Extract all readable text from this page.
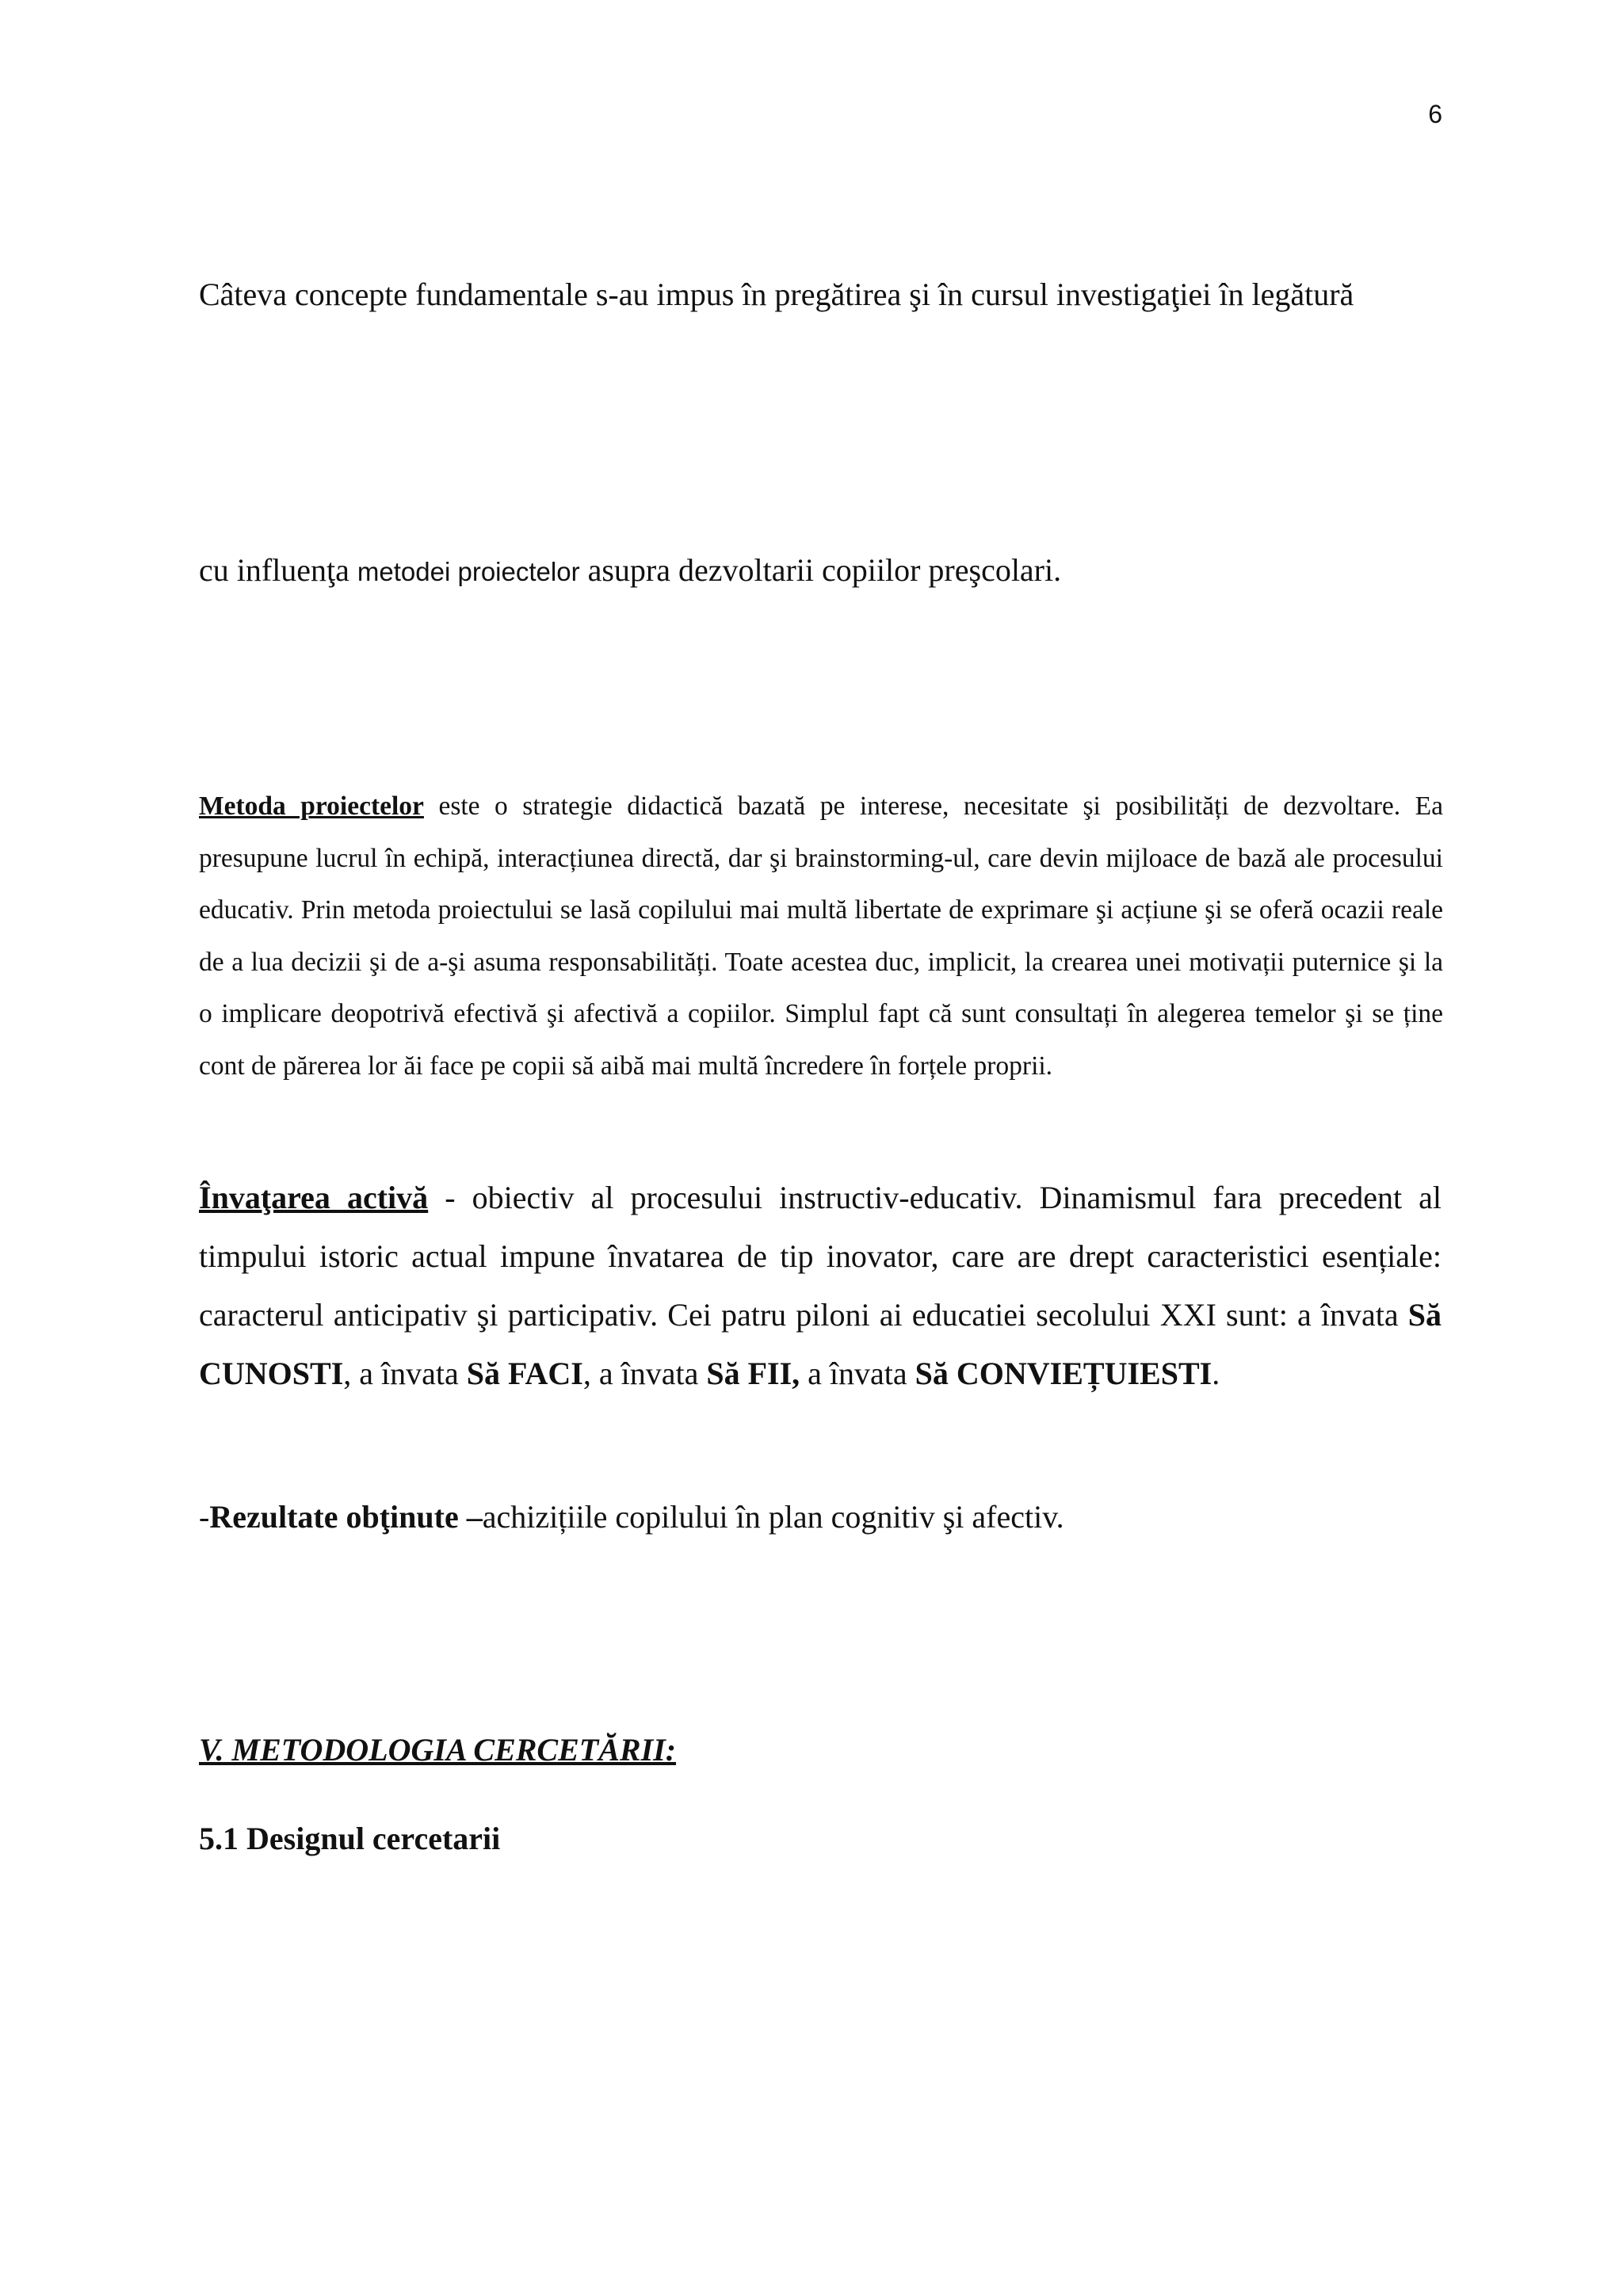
6
Câteva concepte fundamentale s-au impus în pregătirea şi în cursul investigaţiei în legătură
cu influenţa metodei proiectelor asupra dezvoltarii copiilor preşcolari.

Metoda proiectelor este o strategie didactică bazată pe interese, necesitate şi posibilități de dezvoltare. Ea presupune lucrul în echipă, interacțiunea directă, dar şi brainstorming-ul, care devin mijloace de bază ale procesului educativ. Prin metoda proiectului se lasă copilului mai multă libertate de exprimare şi acțiune şi se oferă ocazii reale de a lua decizii şi de a-şi asuma responsabilități. Toate acestea duc, implicit, la crearea unei motivații puternice şi la o implicare deopotrivă efectivă şi afectivă a copiilor. Simplul fapt că sunt consultați în alegerea temelor şi se ține cont de părerea lor ăi face pe copii să aibă mai multă încredere în forțele proprii.

Învaţarea activă - obiectiv al procesului instructiv-educativ. Dinamismul fara precedent al timpului istoric actual impune învatarea de tip inovator, care are drept caracteristici esențiale: caracterul anticipativ şi participativ. Cei patru piloni ai educatiei secolului XXI sunt: a învata Să CUNOSTI, a învata Să FACI, a învata Să FII, a învata Să CONVIEȚUIESTI.

-Rezultate obţinute –achizițiile copilului în plan cognitiv şi afectiv.
V. METODOLOGIA CERCETĂRII:
5.1 Designul cercetarii
